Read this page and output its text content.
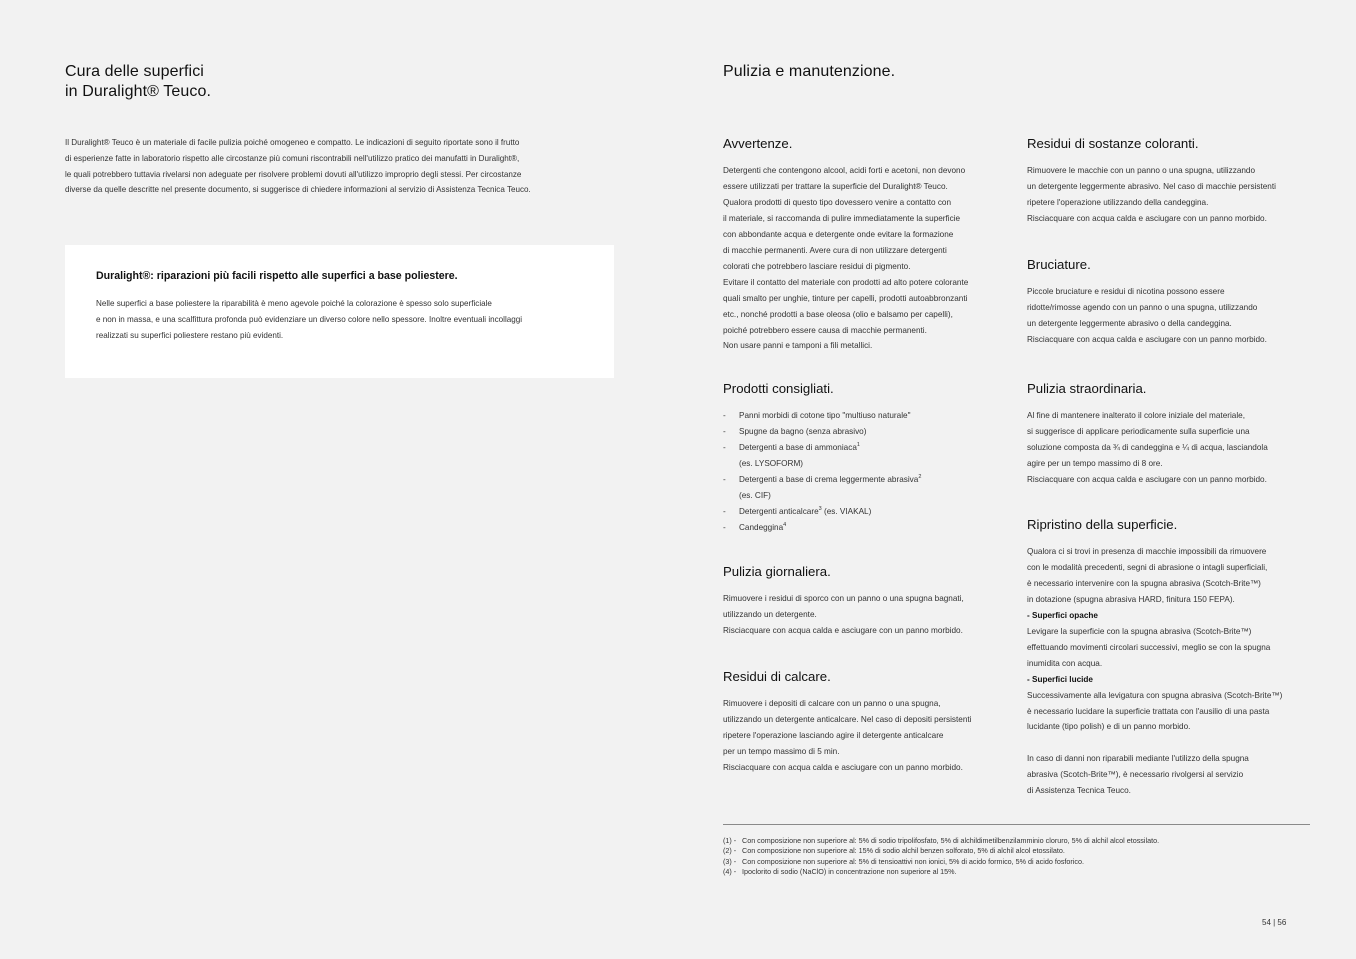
Cura delle superfici
in Duralight® Teuco.
Il Duralight® Teuco è un materiale di facile pulizia poiché omogeneo e compatto. Le indicazioni di seguito riportate sono il frutto
di esperienze fatte in laboratorio rispetto alle circostanze più comuni riscontrabili nell'utilizzo pratico dei manufatti in Duralight®,
le quali potrebbero tuttavia rivelarsi non adeguate per risolvere problemi dovuti all'utilizzo improprio degli stessi. Per circostanze
diverse da quelle descritte nel presente documento, si suggerisce di chiedere informazioni al servizio di Assistenza Tecnica Teuco.
Duralight®: riparazioni più facili rispetto alle superfici a base poliestere.
Nelle superfici a base poliestere la riparabilità è meno agevole poiché la colorazione è spesso solo superficiale
e non in massa, e una scalfittura profonda può evidenziare un diverso colore nello spessore. Inoltre eventuali incollaggi
realizzati su superfici poliestere restano più evidenti.
Pulizia e manutenzione.
Avvertenze.

Detergenti che contengono alcool, acidi forti e acetoni, non devono

essere utilizzati per trattare la superficie del Duralight® Teuco.

Qualora prodotti di questo tipo dovessero venire a contatto con

il materiale, si raccomanda di pulire immediatamente la superficie

con abbondante acqua e detergente onde evitare la formazione

di macchie permanenti. Avere cura di non utilizzare detergenti

colorati che potrebbero lasciare residui di pigmento.

Evitare il contatto del materiale con prodotti ad alto potere colorante

quali smalto per unghie, tinture per capelli, prodotti autoabbronzanti

etc., nonché prodotti a base oleosa (olio e balsamo per capelli),

poiché potrebbero essere causa di macchie permanenti.

Non usare panni e tamponi a fili metallici.

Prodotti consigliati.
- Panni morbidi di cotone tipo "multiuso naturale"
- Spugne da bagno (senza abrasivo)
- Detergenti a base di ammoniaca$^1$
(es. LYSOFORM)
- Detergenti a base di crema leggermente abrasiva$^2$
(es. CIF)
- Detergenti anticalcare$^3$ (es. VIAKAL)
- Candeggina$^4$
Pulizia giornaliera.

Rimuovere i residui di sporco con un panno o una spugna bagnati,

utilizzando un detergente.

Risciacquare con acqua calda e asciugare con un panno morbido.

Residui di calcare.

Rimuovere i depositi di calcare con un panno o una spugna,

utilizzando un detergente anticalcare. Nel caso di depositi persistenti

ripetere l'operazione lasciando agire il detergente anticalcare

per un tempo massimo di 5 min.

Risciacquare con acqua calda e asciugare con un panno morbido.

Residui di sostanze coloranti.

Rimuovere le macchie con un panno o una spugna, utilizzando

un detergente leggermente abrasivo. Nel caso di macchie persistenti

ripetere l'operazione utilizzando della candeggina.

Risciacquare con acqua calda e asciugare con un panno morbido.

Bruciature.

Piccole bruciature e residui di nicotina possono essere

ridotte/rimosse agendo con un panno o una spugna, utilizzando

un detergente leggermente abrasivo o della candeggina.

Risciacquare con acqua calda e asciugare con un panno morbido.

Pulizia straordinaria.

Al fine di mantenere inalterato il colore iniziale del materiale,

si suggerisce di applicare periodicamente sulla superficie una

soluzione composta da ¾ di candeggina e ¼ di acqua, lasciandola

agire per un tempo massimo di 8 ore.

Risciacquare con acqua calda e asciugare con un panno morbido.

Ripristino della superficie.

Qualora ci si trovi in presenza di macchie impossibili da rimuovere

con le modalità precedenti, segni di abrasione o intagli superficiali,

è necessario intervenire con la spugna abrasiva (Scotch-Brite™)

in dotazione (spugna abrasiva HARD, finitura 150 FEPA).

- Superfici opache

Levigare la superficie con la spugna abrasiva (Scotch-Brite™)

effettuando movimenti circolari successivi, meglio se con la spugna

inumidita con acqua.

- Superfici lucide

Successivamente alla levigatura con spugna abrasiva (Scotch-Brite™)

è necessario lucidare la superficie trattata con l'ausilio di una pasta

lucidante (tipo polish) e di un panno morbido.

In caso di danni non riparabili mediante l'utilizzo della spugna

abrasiva (Scotch-Brite™), è necessario rivolgersi al servizio

di Assistenza Tecnica Teuco.

(1) - Con composizione non superiore al: 5% di sodio tripolifosfato, 5% di alchildimetilbenzilamminio cloruro, 5% di alchil alcol etossilato.
(2) - Con composizione non superiore al: 15% di sodio alchil benzen solforato, 5% di alchil alcol etossilato.
(3) - Con composizione non superiore al: 5% di tensioattivi non ionici, 5% di acido formico, 5% di acido fosforico.
(4) - Ipoclorito di sodio (NaClO) in concentrazione non superiore al 15%.
54 | 56
